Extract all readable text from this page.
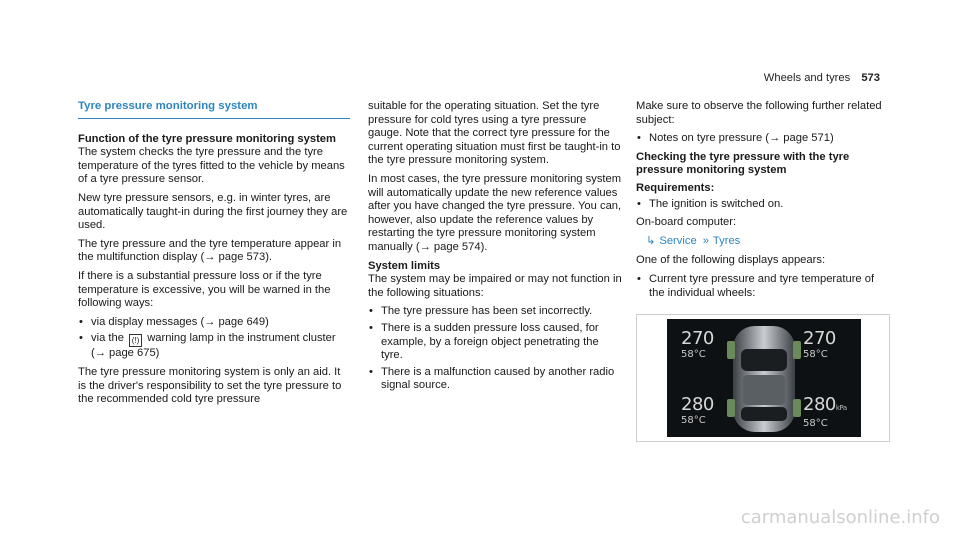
Wheels and tyres 573
Tyre pressure monitoring system
Function of the tyre pressure monitoring system

The system checks the tyre pressure and the tyre temperature of the tyres fitted to the vehicle by means of a tyre pressure sensor.

New tyre pressure sensors, e.g. in winter tyres, are automatically taught-in during the first journey they are used.

The tyre pressure and the tyre temperature appear in the multifunction display (→ page 573).

If there is a substantial pressure loss or if the tyre temperature is excessive, you will be warned in the following ways:

• via display messages (→ page 649)
• via the (!) warning lamp in the instrument cluster (→ page 675)

The tyre pressure monitoring system is only an aid. It is the driver's responsibility to set the tyre pressure to the recommended cold tyre pressure

suitable for the operating situation. Set the tyre pressure for cold tyres using a tyre pressure gauge. Note that the correct tyre pressure for the current operating situation must first be taught-in to the tyre pressure monitoring system.

In most cases, the tyre pressure monitoring system will automatically update the new reference values after you have changed the tyre pressure. You can, however, also update the reference values by restarting the tyre pressure monitoring system manually (→ page 574).

System limits

The system may be impaired or may not function in the following situations:

• The tyre pressure has been set incorrectly.
• There is a sudden pressure loss caused, for example, by a foreign object penetrating the tyre.
• There is a malfunction caused by another radio signal source.

Make sure to observe the following further related subject:

• Notes on tyre pressure (→ page 571)
Checking the tyre pressure with the tyre pressure monitoring system
Requirements:
• The ignition is switched on.

On-board computer:

↳ Service » Tyres

One of the following displays appears:

• Current tyre pressure and tyre temperature of the individual wheels:
270
58°C
270
58°C
280
58°C
280kPa
58°C
carmanualsonline.info
